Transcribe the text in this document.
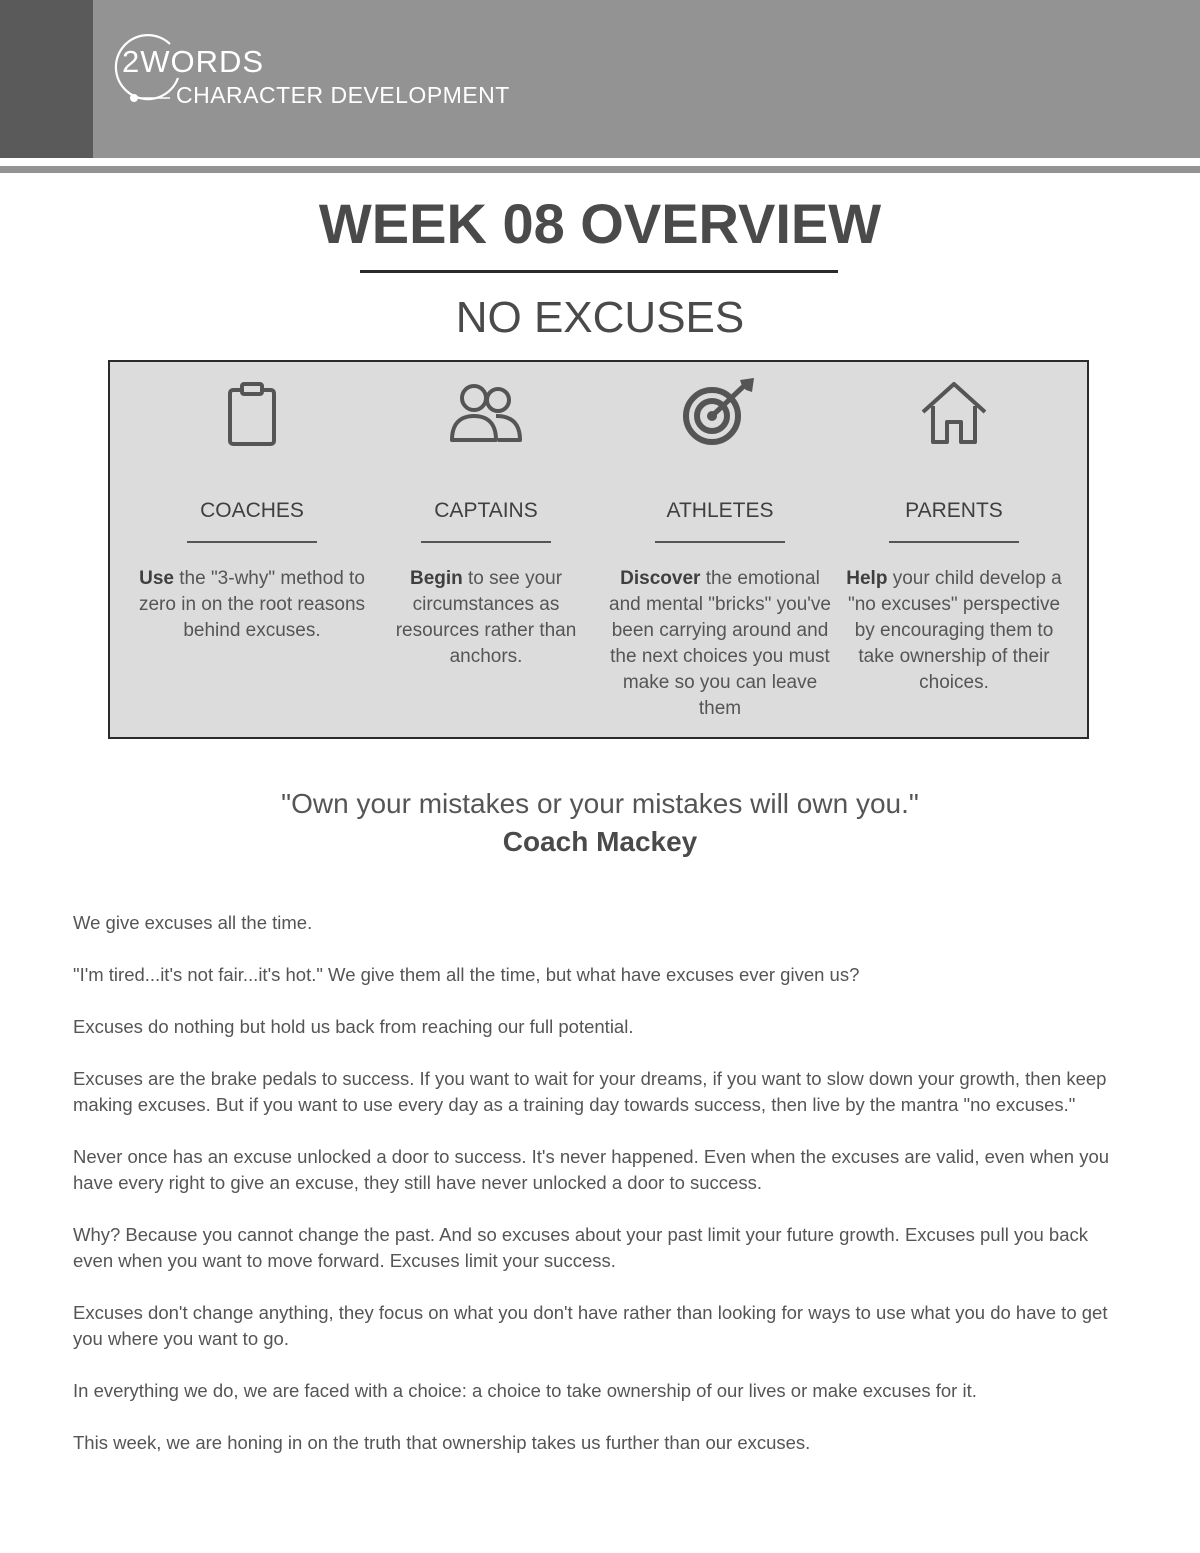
2WORDS
CHARACTER DEVELOPMENT
WEEK 08 OVERVIEW
NO EXCUSES
COACHES
Use the "3-why" method to zero in on the root reasons behind excuses.
CAPTAINS
Begin to see your circumstances as resources rather than anchors.
ATHLETES
Discover the emotional and mental "bricks" you've been carrying around and the next choices you must make so you can leave them
PARENTS
Help your child develop a "no excuses" perspective by encouraging them to take ownership of their choices.
"Own your mistakes or your mistakes will own you."
Coach Mackey

We give excuses all the time.

"I'm tired...it's not fair...it's hot." We give them all the time, but what have excuses ever given us?

Excuses do nothing but hold us back from reaching our full potential.

Excuses are the brake pedals to success. If you want to wait for your dreams, if you want to slow down your growth, then keep making excuses. But if you want to use every day as a training day towards success, then live by the mantra "no excuses."

Never once has an excuse unlocked a door to success. It's never happened. Even when the excuses are valid, even when you have every right to give an excuse, they still have never unlocked a door to success.

Why? Because you cannot change the past. And so excuses about your past limit your future growth. Excuses pull you back even when you want to move forward. Excuses limit your success.

Excuses don't change anything, they focus on what you don't have rather than looking for ways to use what you do have to get you where you want to go.

In everything we do, we are faced with a choice: a choice to take ownership of our lives or make excuses for it.

This week, we are honing in on the truth that ownership takes us further than our excuses.
